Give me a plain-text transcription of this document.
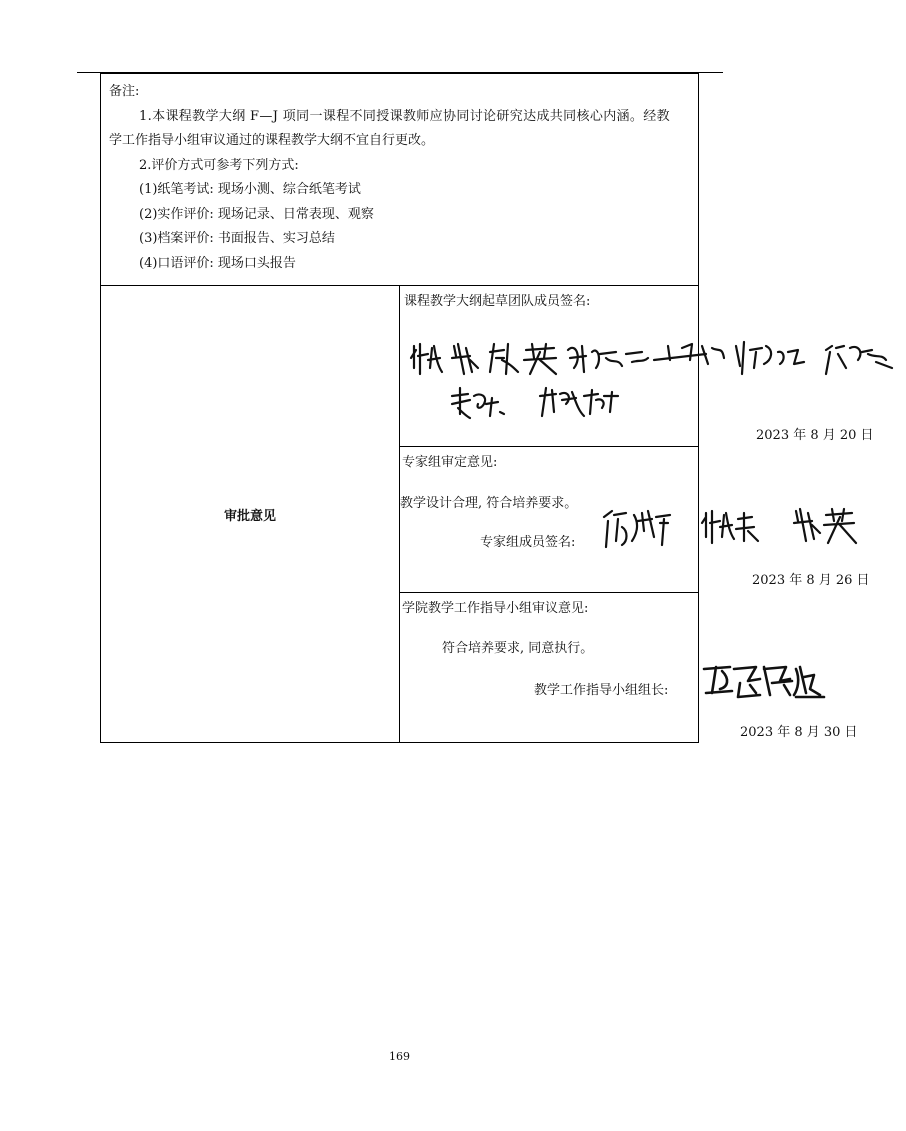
备注:

1.本课程教学大纲 F—J 项同一课程不同授课教师应协同讨论研究达成共同核心内涵。经教

学工作指导小组审议通过的课程教学大纲不宜自行更改。

2.评价方式可参考下列方式:

(1)纸笔考试: 现场小测、综合纸笔考试

(2)实作评价: 现场记录、日常表现、观察

(3)档案评价: 书面报告、实习总结

(4)口语评价: 现场口头报告

审批意见	
课程教学大纲起草团队成员签名:
2023 年 8 月 20 日

专家组审定意见:
教学设计合理, 符合培养要求。
专家组成员签名:
2023 年 8 月 26 日

学院教学工作指导小组审议意见:
符合培养要求, 同意执行。
教学工作指导小组组长:
2023 年 8 月 30 日
169
